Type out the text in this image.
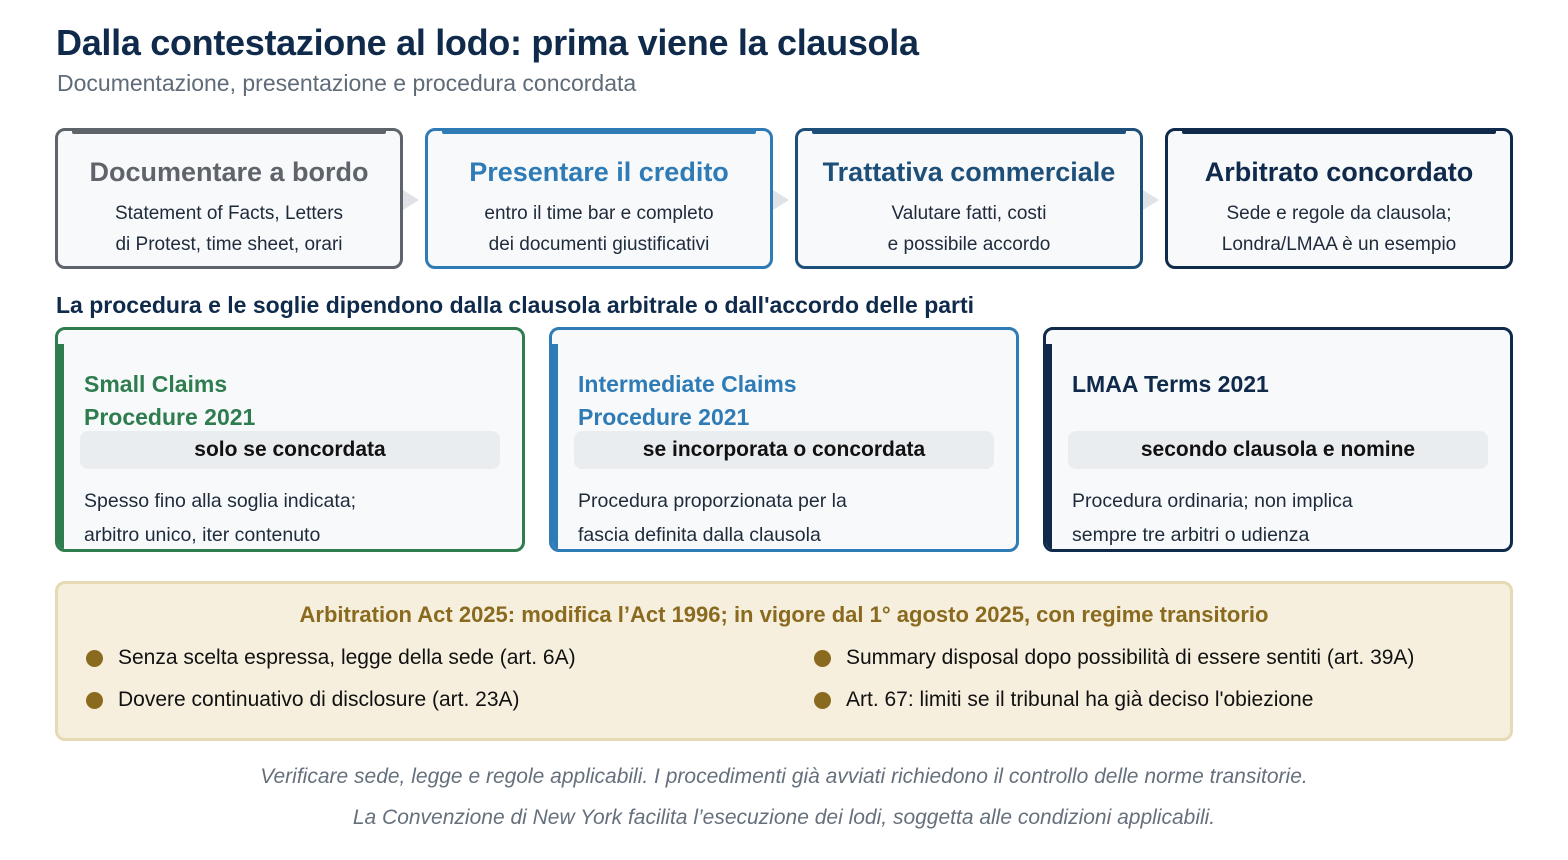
Dalla contestazione al lodo: prima viene la clausola
Documentazione, presentazione e procedura concordata
Documentare a bordo
Statement of Facts, Letters
di Protest, time sheet, orari
Presentare il credito
entro il time bar e completo
dei documenti giustificativi
Trattativa commerciale
Valutare fatti, costi
e possibile accordo
Arbitrato concordato
Sede e regole da clausola;
Londra/LMAA è un esempio
La procedura e le soglie dipendono dalla clausola arbitrale o dall'accordo delle parti
Small Claims
Procedure 2021
solo se concordata
Spesso fino alla soglia indicata;
arbitro unico, iter contenuto
Intermediate Claims
Procedure 2021
se incorporata o concordata
Procedura proporzionata per la
fascia definita dalla clausola
LMAA Terms 2021
secondo clausola e nomine
Procedura ordinaria; non implica
sempre tre arbitri o udienza
Arbitration Act 2025: modifica l’Act 1996; in vigore dal 1° agosto 2025, con regime transitorio
Senza scelta espressa, legge della sede (art. 6A)	Summary disposal dopo possibilità di essere sentiti (art. 39A)
Dovere continuativo di disclosure (art. 23A)	Art. 67: limiti se il tribunal ha già deciso l'obiezione
Verificare sede, legge e regole applicabili. I procedimenti già avviati richiedono il controllo delle norme transitorie.
La Convenzione di New York facilita l’esecuzione dei lodi, soggetta alle condizioni applicabili.
